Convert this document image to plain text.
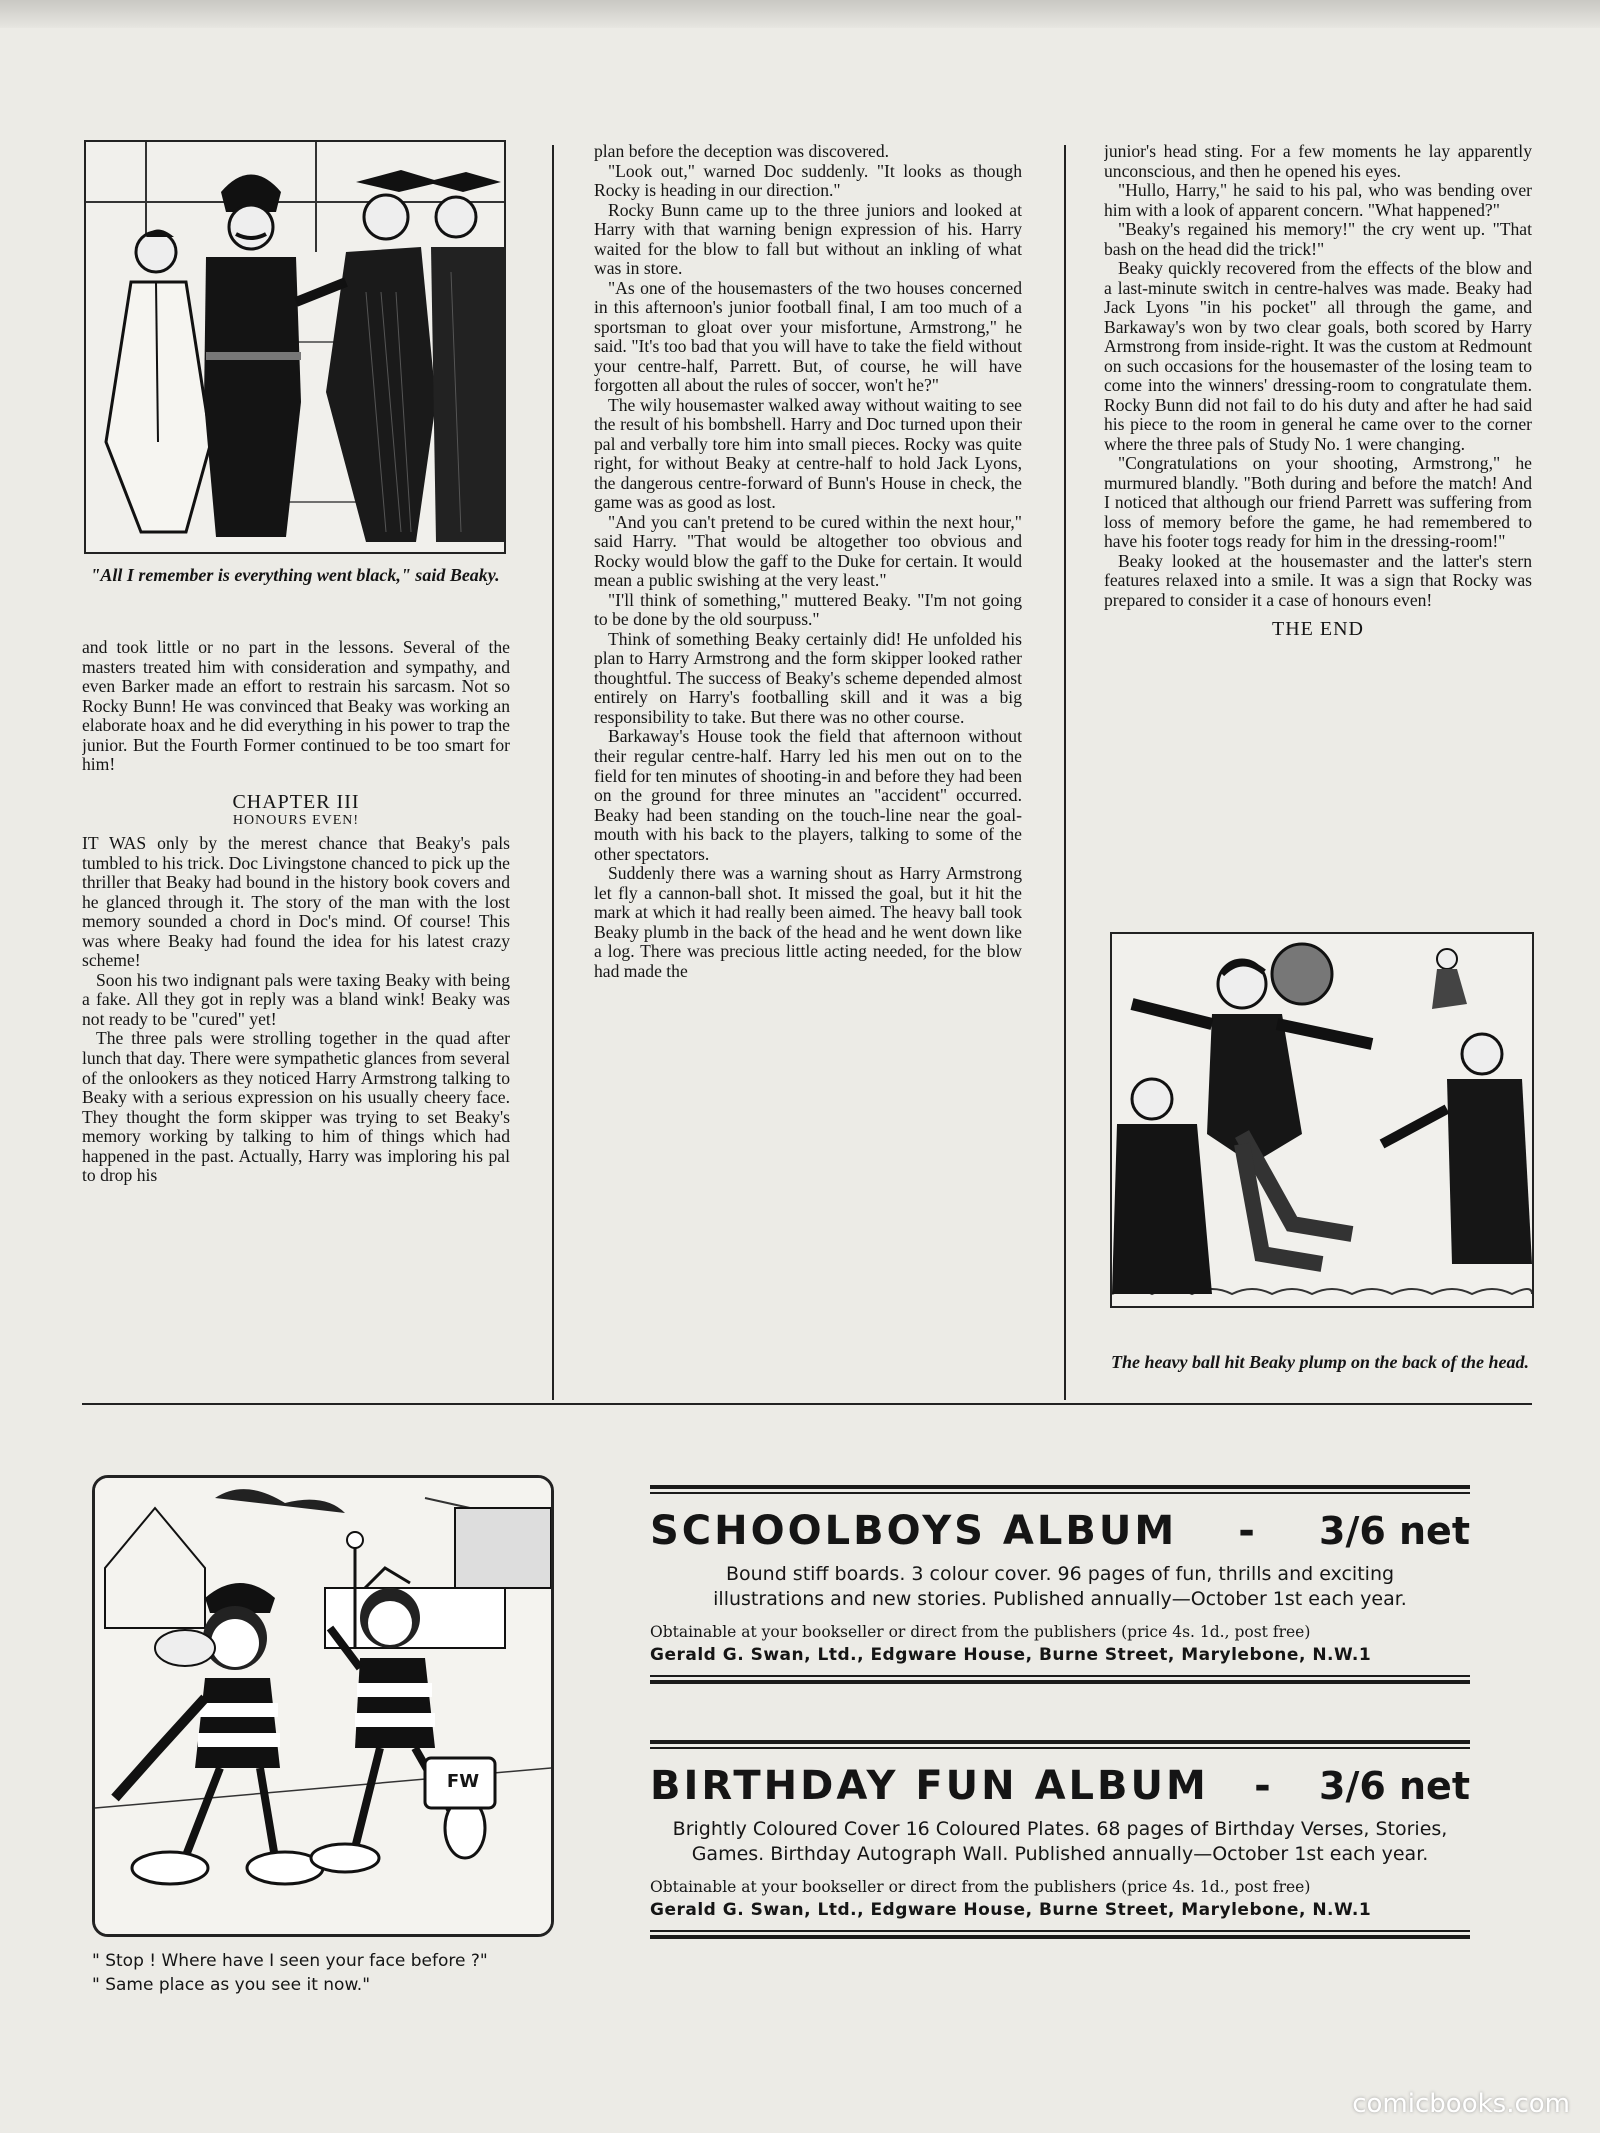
"All I remember is everything went black," said Beaky.

and took little or no part in the lessons. Several of the masters treated him with consideration and sympathy, and even Barker made an effort to restrain his sarcasm. Not so Rocky Bunn! He was convinced that Beaky was working an elaborate hoax and he did everything in his power to trap the junior. But the Fourth Former continued to be too smart for him!

CHAPTER III
HONOURS EVEN!

IT WAS only by the merest chance that Beaky's pals tumbled to his trick. Doc Livingstone chanced to pick up the thriller that Beaky had bound in the history book covers and he glanced through it. The story of the man with the lost memory sounded a chord in Doc's mind. Of course! This was where Beaky had found the idea for his latest crazy scheme!

Soon his two indignant pals were taxing Beaky with being a fake. All they got in reply was a bland wink! Beaky was not ready to be "cured" yet!

The three pals were strolling together in the quad after lunch that day. There were sympathetic glances from several of the onlookers as they noticed Harry Armstrong talking to Beaky with a serious expression on his usually cheery face. They thought the form skipper was trying to set Beaky's memory working by talking to him of things which had happened in the past. Actually, Harry was imploring his pal to drop his

plan before the deception was discovered.

"Look out," warned Doc suddenly. "It looks as though Rocky is heading in our direction."

Rocky Bunn came up to the three juniors and looked at Harry with that warning benign expression of his. Harry waited for the blow to fall but without an inkling of what was in store.

"As one of the housemasters of the two houses concerned in this afternoon's junior football final, I am too much of a sportsman to gloat over your misfortune, Armstrong," he said. "It's too bad that you will have to take the field without your centre-half, Parrett. But, of course, he will have forgotten all about the rules of soccer, won't he?"

The wily housemaster walked away without waiting to see the result of his bombshell. Harry and Doc turned upon their pal and verbally tore him into small pieces. Rocky was quite right, for without Beaky at centre-half to hold Jack Lyons, the dangerous centre-forward of Bunn's House in check, the game was as good as lost.

"And you can't pretend to be cured within the next hour," said Harry. "That would be altogether too obvious and Rocky would blow the gaff to the Duke for certain. It would mean a public swishing at the very least."

"I'll think of something," muttered Beaky. "I'm not going to be done by the old sourpuss."

Think of something Beaky certainly did! He unfolded his plan to Harry Armstrong and the form skipper looked rather thoughtful. The success of Beaky's scheme depended almost entirely on Harry's footballing skill and it was a big responsibility to take. But there was no other course.

Barkaway's House took the field that afternoon without their regular centre-half. Harry led his men out on to the field for ten minutes of shooting-in and before they had been on the ground for three minutes an "accident" occurred. Beaky had been standing on the touch-line near the goal-mouth with his back to the players, talking to some of the other spectators.

Suddenly there was a warning shout as Harry Armstrong let fly a cannon-ball shot. It missed the goal, but it hit the mark at which it had really been aimed. The heavy ball took Beaky plumb in the back of the head and he went down like a log. There was precious little acting needed, for the blow had made the

junior's head sting. For a few moments he lay apparently unconscious, and then he opened his eyes.

"Hullo, Harry," he said to his pal, who was bending over him with a look of apparent concern. "What happened?"

"Beaky's regained his memory!" the cry went up. "That bash on the head did the trick!"

Beaky quickly recovered from the effects of the blow and a last-minute switch in centre-halves was made. Beaky had Jack Lyons "in his pocket" all through the game, and Barkaway's won by two clear goals, both scored by Harry Armstrong from inside-right. It was the custom at Redmount on such occasions for the housemaster of the losing team to come into the winners' dressing-room to congratulate them. Rocky Bunn did not fail to do his duty and after he had said his piece to the room in general he came over to the corner where the three pals of Study No. 1 were changing.

"Congratulations on your shooting, Armstrong," he murmured blandly. "Both during and before the match! And I noticed that although our friend Parrett was suffering from loss of memory before the game, he had remembered to have his footer togs ready for him in the dressing-room!"

Beaky looked at the housemaster and the latter's stern features relaxed into a smile. It was a sign that Rocky was prepared to consider it a case of honours even!

THE END
The heavy ball hit Beaky plump on the back of the head.
FW
" Stop ! Where have I seen your face before ?"
" Same place as you see it now."
SCHOOLBOYS ALBUM - 3/6 net
Bound stiff boards. 3 colour cover. 96 pages of fun, thrills and exciting illustrations and new stories. Published annually—October 1st each year.
Obtainable at your bookseller or direct from the publishers (price 4s. 1d., post free)
Gerald G. Swan, Ltd., Edgware House, Burne Street, Marylebone, N.W.1
BIRTHDAY FUN ALBUM - 3/6 net
Brightly Coloured Cover 16 Coloured Plates. 68 pages of Birthday Verses, Stories, Games. Birthday Autograph Wall. Published annually—October 1st each year.
Obtainable at your bookseller or direct from the publishers (price 4s. 1d., post free)
Gerald G. Swan, Ltd., Edgware House, Burne Street, Marylebone, N.W.1
comicbooks.com
